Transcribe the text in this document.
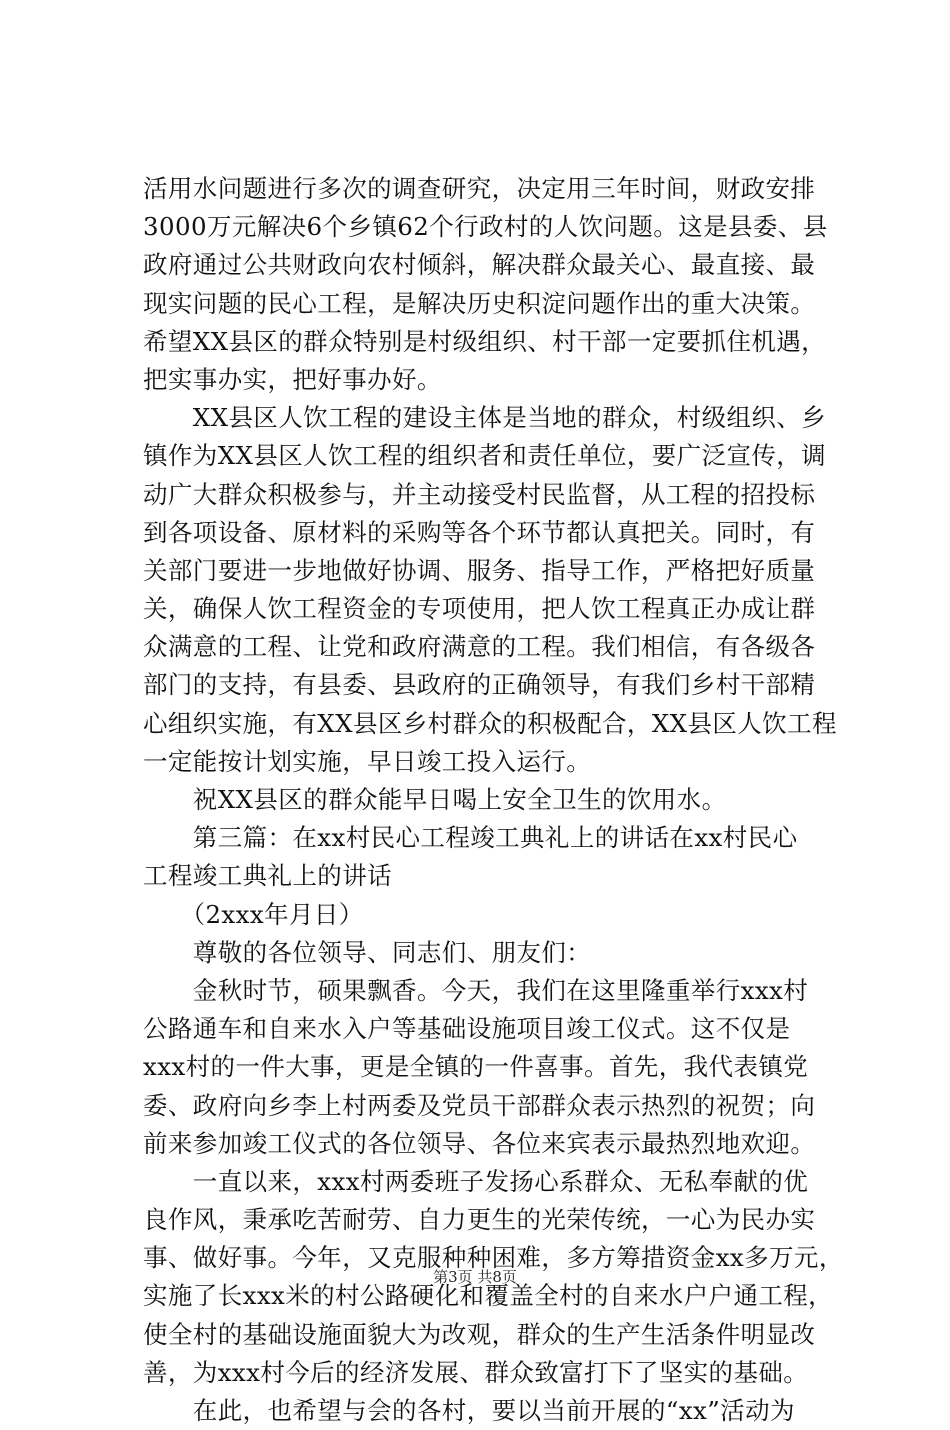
活用水问题进行多次的调查研究，决定用三年时间，财政安排
3000万元解决6个乡镇62个行政村的人饮问题。这是县委、县
政府通过公共财政向农村倾斜，解决群众最关心、最直接、最
现实问题的民心工程，是解决历史积淀问题作出的重大决策。
希望XX县区的群众特别是村级组织、村干部一定要抓住机遇，
把实事办实，把好事办好。
　　XX县区人饮工程的建设主体是当地的群众，村级组织、乡
镇作为XX县区人饮工程的组织者和责任单位，要广泛宣传，调
动广大群众积极参与，并主动接受村民监督，从工程的招投标
到各项设备、原材料的采购等各个环节都认真把关。同时，有
关部门要进一步地做好协调、服务、指导工作，严格把好质量
关，确保人饮工程资金的专项使用，把人饮工程真正办成让群
众满意的工程、让党和政府满意的工程。我们相信，有各级各
部门的支持，有县委、县政府的正确领导，有我们乡村干部精
心组织实施，有XX县区乡村群众的积极配合，XX县区人饮工程
一定能按计划实施，早日竣工投入运行。
　　祝XX县区的群众能早日喝上安全卫生的饮用水。
　　第三篇：在xx村民心工程竣工典礼上的讲话在xx村民心
工程竣工典礼上的讲话
　　（2xxx年月日）
　　尊敬的各位领导、同志们、朋友们：
　　金秋时节，硕果飘香。今天，我们在这里隆重举行xxx村
公路通车和自来水入户等基础设施项目竣工仪式。这不仅是
xxx村的一件大事，更是全镇的一件喜事。首先，我代表镇党
委、政府向乡李上村两委及党员干部群众表示热烈的祝贺；向
前来参加竣工仪式的各位领导、各位来宾表示最热烈地欢迎。
　　一直以来，xxx村两委班子发扬心系群众、无私奉献的优
良作风，秉承吃苦耐劳、自力更生的光荣传统，一心为民办实
事、做好事。今年，又克服种种困难，多方筹措资金xx多万元，
实施了长xxx米的村公路硬化和覆盖全村的自来水户户通工程，
使全村的基础设施面貌大为改观，群众的生产生活条件明显改
善，为xxx村今后的经济发展、群众致富打下了坚实的基础。
　　在此，也希望与会的各村，要以当前开展的“xx”活动为
第3页 共8页
